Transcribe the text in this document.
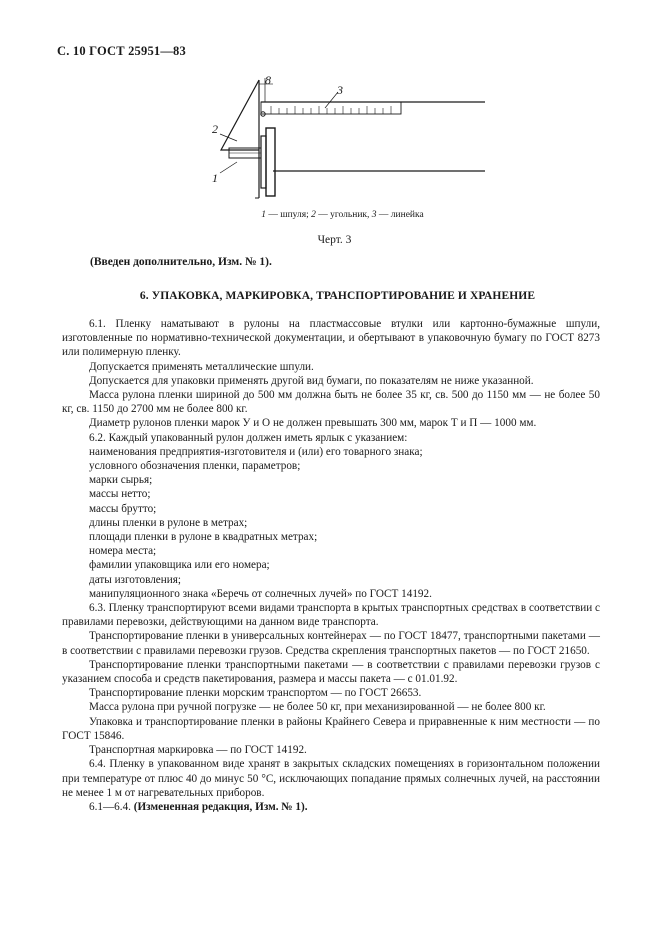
С. 10 ГОСТ 25951—83
2
1
3
8
1 — шпуля; 2 — угольник, 3 — линейка
Черт. 3
(Введен дополнительно, Изм. № 1).
6. УПАКОВКА, МАРКИРОВКА, ТРАНСПОРТИРОВАНИЕ И ХРАНЕНИЕ

6.1. Пленку наматывают в рулоны на пластмассовые втулки или картонно-бумажные шпули, изготовленные по нормативно-технической документации, и обертывают в упаковочную бумагу по ГОСТ 8273 или полимерную пленку.

Допускается применять металлические шпули.

Допускается для упаковки применять другой вид бумаги, по показателям не ниже указанной.

Масса рулона пленки шириной до 500 мм должна быть не более 35 кг, св. 500 до 1150 мм — не более 50 кг, св. 1150 до 2700 мм не более 800 кг.

Диаметр рулонов пленки марок У и О не должен превышать 300 мм, марок Т и П — 1000 мм.

6.2. Каждый упакованный рулон должен иметь ярлык с указанием:

наименования предприятия-изготовителя и (или) его товарного знака;

условного обозначения пленки, параметров;

марки сырья;

массы нетто;

массы брутто;

длины пленки в рулоне в метрах;

площади пленки в рулоне в квадратных метрах;

номера места;

фамилии упаковщика или его номера;

даты изготовления;

манипуляционного знака «Беречь от солнечных лучей» по ГОСТ 14192.

6.3. Пленку транспортируют всеми видами транспорта в крытых транспортных средствах в соответствии с правилами перевозки, действующими на данном виде транспорта.

Транспортирование пленки в универсальных контейнерах — по ГОСТ 18477, транспортными пакетами — в соответствии с правилами перевозки грузов. Средства скрепления транспортных пакетов — по ГОСТ 21650.

Транспортирование пленки транспортными пакетами — в соответствии с правилами перевозки грузов с указанием способа и средств пакетирования, размера и массы пакета — с 01.01.92.

Транспортирование пленки морским транспортом — по ГОСТ 26653.

Масса рулона при ручной погрузке — не более 50 кг, при механизированной — не более 800 кг.

Упаковка и транспортирование пленки в районы Крайнего Севера и приравненные к ним местности — по ГОСТ 15846.

Транспортная маркировка — по ГОСТ 14192.

6.4. Пленку в упакованном виде хранят в закрытых складских помещениях в горизонтальном положении при температуре от плюс 40 до минус 50 °С, исключающих попадание прямых солнечных лучей, на расстоянии не менее 1 м от нагревательных приборов.

6.1—6.4. (Измененная редакция, Изм. № 1).
